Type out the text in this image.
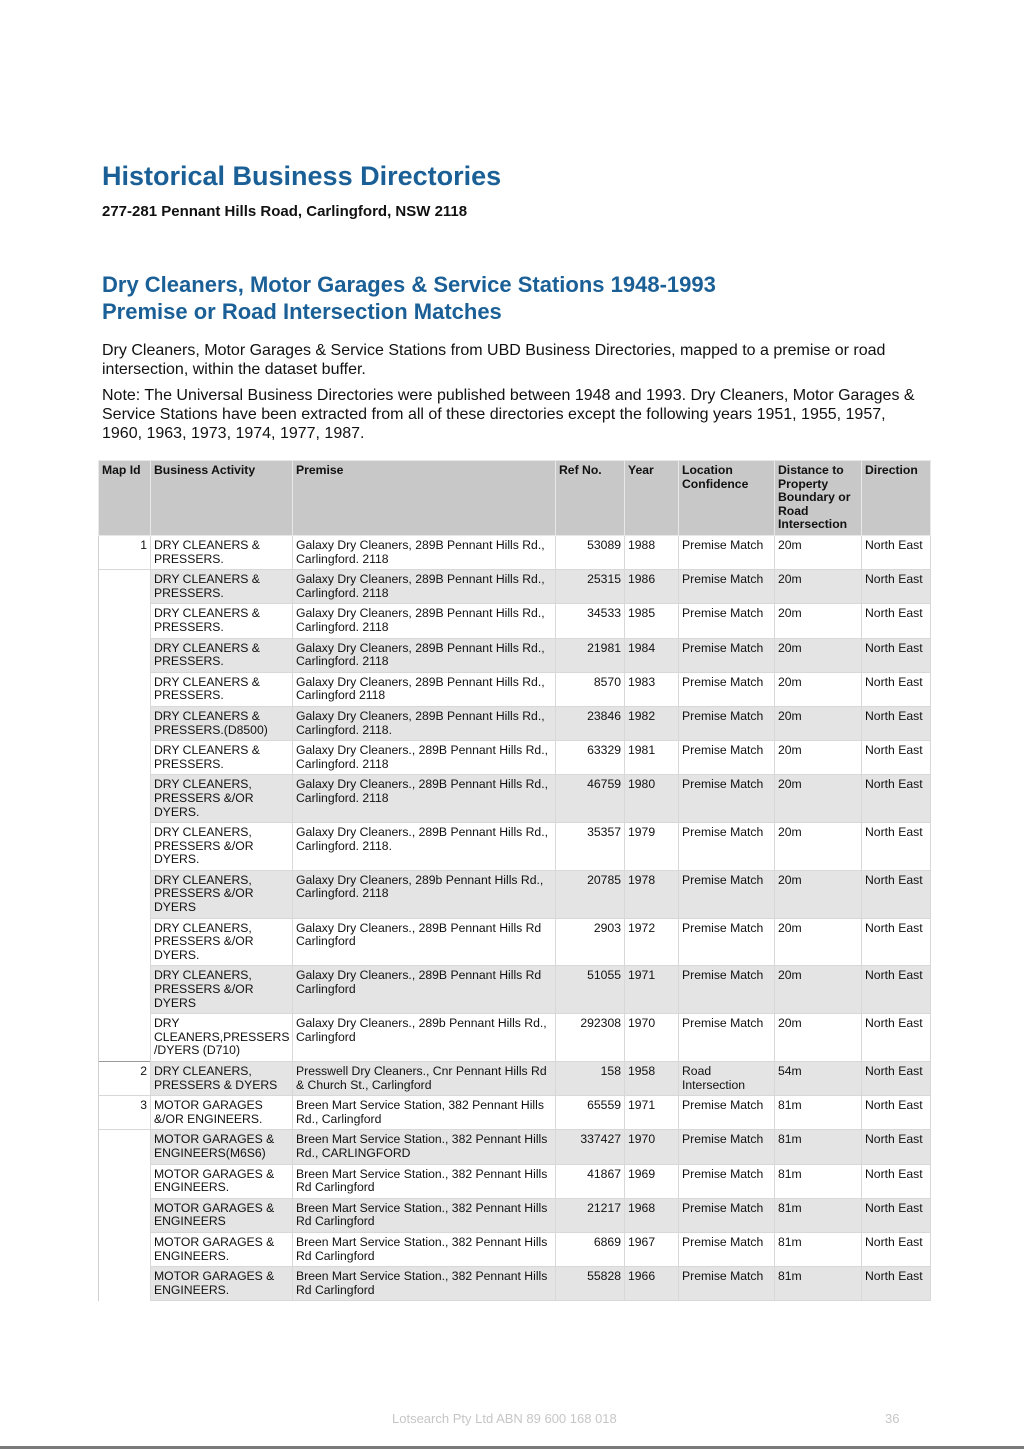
Historical Business Directories

277-281 Pennant Hills Road, Carlingford, NSW 2118

Dry Cleaners, Motor Garages & Service Stations 1948-1993
Premise or Road Intersection Matches

Dry Cleaners, Motor Garages & Service Stations from UBD Business Directories, mapped to a premise or road intersection, within the dataset buffer.

Note: The Universal Business Directories were published between 1948 and 1993. Dry Cleaners, Motor Garages & Service Stations have been extracted from all of these directories except the following years 1951, 1955, 1957, 1960, 1963, 1973, 1974, 1977, 1987.

Map Id	Business Activity	Premise	Ref No.	Year	Location Confidence	Distance to Property Boundary or Road Intersection	Direction
1	DRY CLEANERS & PRESSERS.	Galaxy Dry Cleaners, 289B Pennant Hills Rd., Carlingford. 2118	53089	1988	Premise Match	20m	North East
	DRY CLEANERS & PRESSERS.	Galaxy Dry Cleaners, 289B Pennant Hills Rd., Carlingford. 2118	25315	1986	Premise Match	20m	North East
	DRY CLEANERS & PRESSERS.	Galaxy Dry Cleaners, 289B Pennant Hills Rd., Carlingford. 2118	34533	1985	Premise Match	20m	North East
	DRY CLEANERS & PRESSERS.	Galaxy Dry Cleaners, 289B Pennant Hills Rd., Carlingford. 2118	21981	1984	Premise Match	20m	North East
	DRY CLEANERS & PRESSERS.	Galaxy Dry Cleaners, 289B Pennant Hills Rd., Carlingford 2118	8570	1983	Premise Match	20m	North East
	DRY CLEANERS & PRESSERS.(D8500)	Galaxy Dry Cleaners, 289B Pennant Hills Rd., Carlingford. 2118.	23846	1982	Premise Match	20m	North East
	DRY CLEANERS & PRESSERS.	Galaxy Dry Cleaners., 289B Pennant Hills Rd., Carlingford. 2118	63329	1981	Premise Match	20m	North East
	DRY CLEANERS, PRESSERS &/OR DYERS.	Galaxy Dry Cleaners., 289B Pennant Hills Rd., Carlingford. 2118	46759	1980	Premise Match	20m	North East
	DRY CLEANERS, PRESSERS &/OR DYERS.	Galaxy Dry Cleaners., 289B Pennant Hills Rd., Carlingford. 2118.	35357	1979	Premise Match	20m	North East
	DRY CLEANERS, PRESSERS &/OR DYERS	Galaxy Dry Cleaners, 289b Pennant Hills Rd., Carlingford. 2118	20785	1978	Premise Match	20m	North East
	DRY CLEANERS, PRESSERS &/OR DYERS.	Galaxy Dry Cleaners., 289B Pennant Hills Rd Carlingford	2903	1972	Premise Match	20m	North East
	DRY CLEANERS, PRESSERS &/OR DYERS	Galaxy Dry Cleaners., 289B Pennant Hills Rd Carlingford	51055	1971	Premise Match	20m	North East
	DRY CLEANERS,PRESSERS /DYERS (D710)	Galaxy Dry Cleaners., 289b Pennant Hills Rd., Carlingford	292308	1970	Premise Match	20m	North East
2	DRY CLEANERS, PRESSERS & DYERS	Presswell Dry Cleaners., Cnr Pennant Hills Rd & Church St., Carlingford	158	1958	Road Intersection	54m	North East
3	MOTOR GARAGES &/OR ENGINEERS.	Breen Mart Service Station, 382 Pennant Hills Rd., Carlingford	65559	1971	Premise Match	81m	North East
	MOTOR GARAGES & ENGINEERS(M6S6)	Breen Mart Service Station., 382 Pennant Hills Rd., CARLINGFORD	337427	1970	Premise Match	81m	North East
	MOTOR GARAGES & ENGINEERS.	Breen Mart Service Station., 382 Pennant Hills Rd Carlingford	41867	1969	Premise Match	81m	North East
	MOTOR GARAGES & ENGINEERS	Breen Mart Service Station., 382 Pennant Hills Rd Carlingford	21217	1968	Premise Match	81m	North East
	MOTOR GARAGES & ENGINEERS.	Breen Mart Service Station., 382 Pennant Hills Rd Carlingford	6869	1967	Premise Match	81m	North East
	MOTOR GARAGES & ENGINEERS.	Breen Mart Service Station., 382 Pennant Hills Rd Carlingford	55828	1966	Premise Match	81m	North East
Lotsearch Pty Ltd ABN 89 600 168 018	36
